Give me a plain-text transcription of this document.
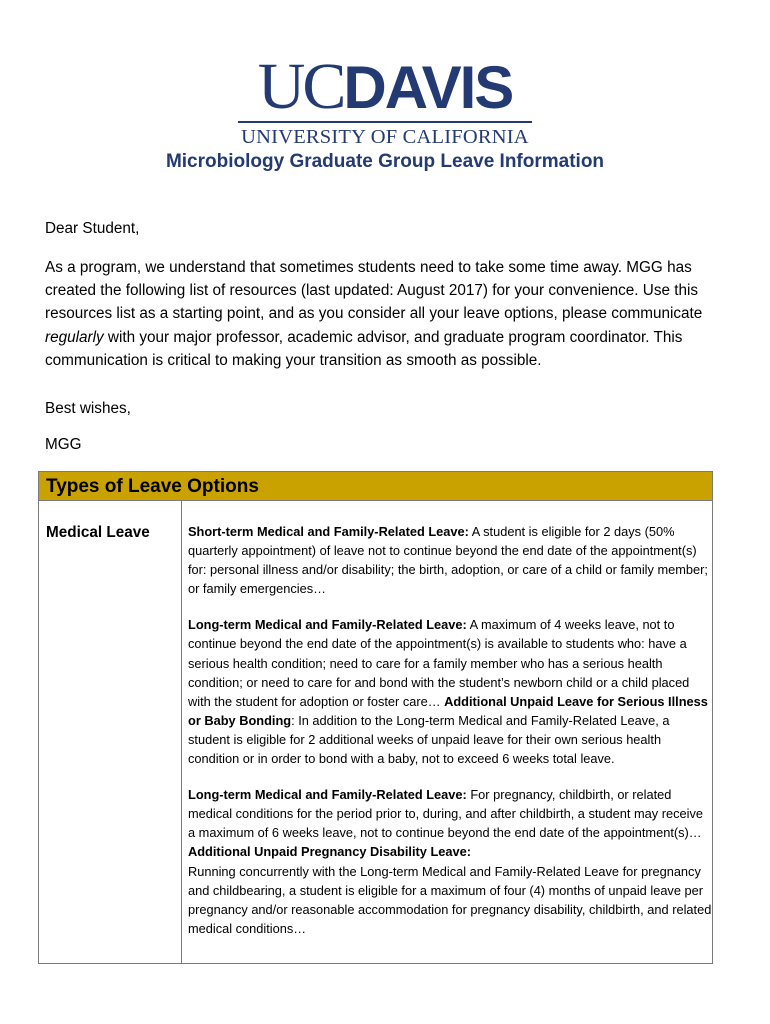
UCDAVIS
UNIVERSITY OF CALIFORNIA
Microbiology Graduate Group Leave Information
Dear Student,
As a program, we understand that sometimes students need to take some time away. MGG has created the following list of resources (last updated: August 2017) for your convenience. Use this resources list as a starting point, and as you consider all your leave options, please communicate regularly with your major professor, academic advisor, and graduate program coordinator. This communication is critical to making your transition as smooth as possible.
Best wishes,
MGG
Types of Leave Options
Medical Leave	Short-term Medical and Family-Related Leave: A student is eligible for 2 days (50% quarterly appointment) of leave not to continue beyond the end date of the appointment(s) for: personal illness and/or disability; the birth, adoption, or care of a child or family member; or family emergencies…

Long-term Medical and Family-Related Leave: A maximum of 4 weeks leave, not to continue beyond the end date of the appointment(s) is available to students who: have a serious health condition; need to care for a family member who has a serious health condition; or need to care for and bond with the student’s newborn child or a child placed with the student for adoption or foster care… Additional Unpaid Leave for Serious Illness or Baby Bonding: In addition to the Long-term Medical and Family-Related Leave, a student is eligible for 2 additional weeks of unpaid leave for their own serious health condition or in order to bond with a baby, not to exceed 6 weeks total leave.

Long-term Medical and Family-Related Leave: For pregnancy, childbirth, or related medical conditions for the period prior to, during, and after childbirth, a student may receive a maximum of 6 weeks leave, not to continue beyond the end date of the appointment(s)…Additional Unpaid Pregnancy Disability Leave:
Running concurrently with the Long-term Medical and Family-Related Leave for pregnancy and childbearing, a student is eligible for a maximum of four (4) months of unpaid leave per pregnancy and/or reasonable accommodation for pregnancy disability, childbirth, and related medical conditions…
